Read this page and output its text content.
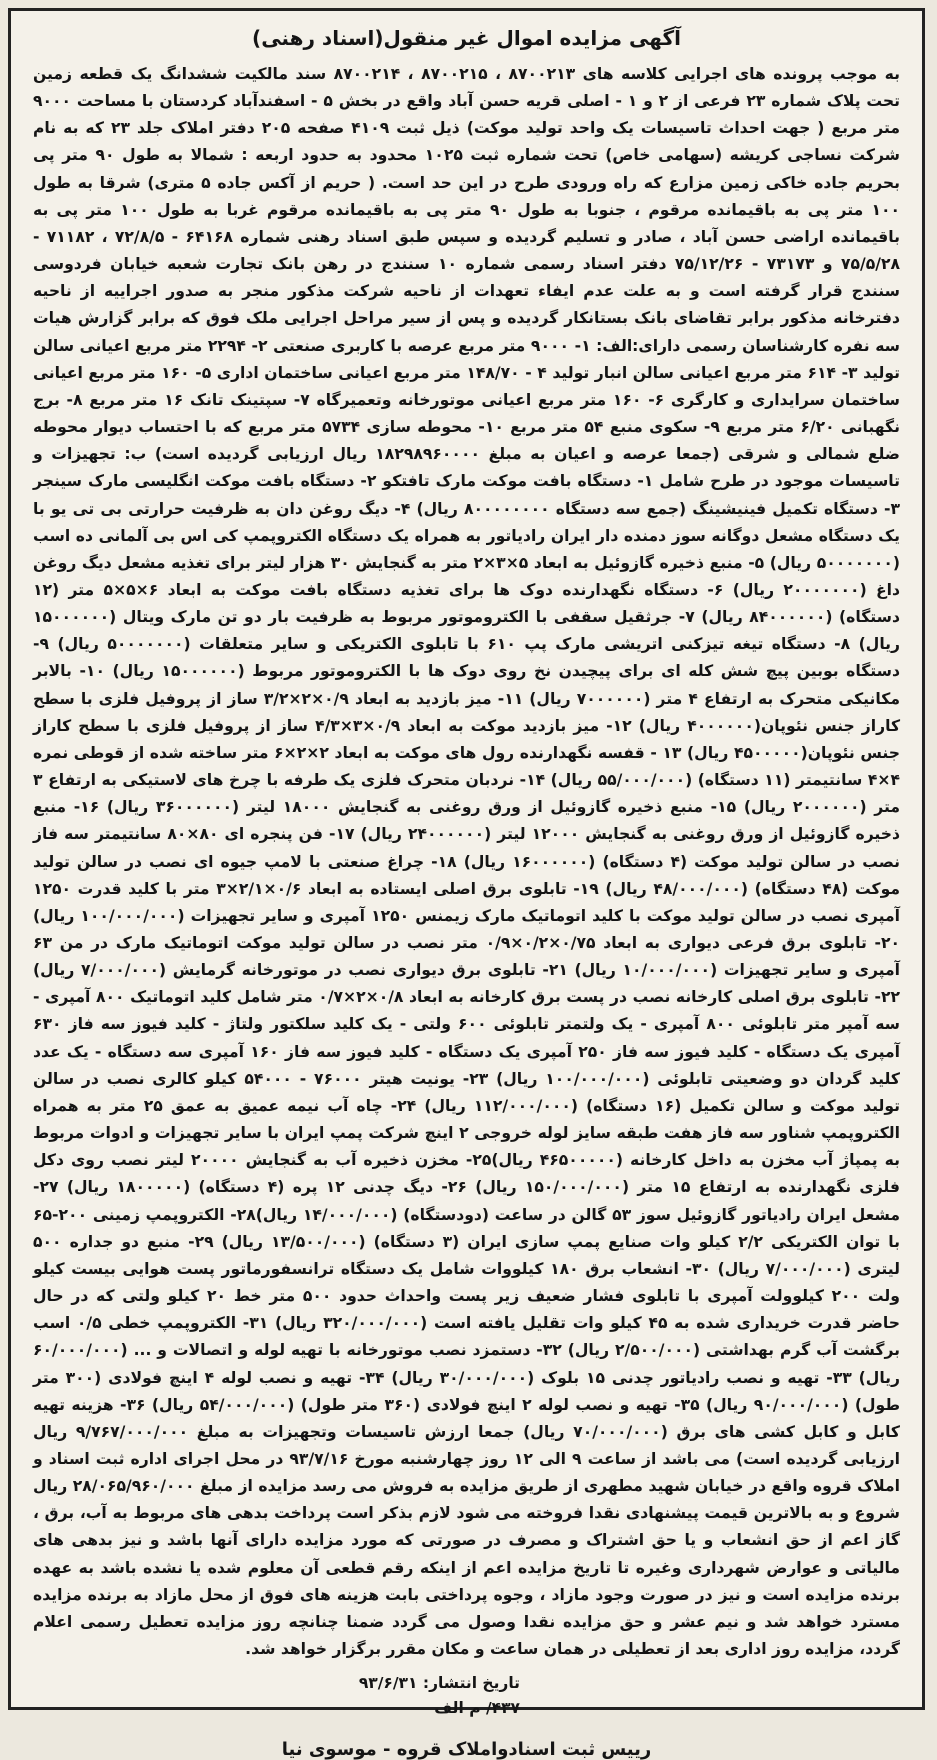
آگهی مزایده اموال غیر منقول(اسناد رهنی)

به موجب پرونده های اجرایی کلاسه های ۸۷۰۰۲۱۳ ، ۸۷۰۰۲۱۵ ، ۸۷۰۰۲۱۴ سند مالکیت ششدانگ یک قطعه زمین تحت پلاک شماره ۲۳ فرعی از ۲ و ۱ - اصلی قریه حسن آباد واقع در بخش ۵ - اسفندآباد کردستان با مساحت ۹۰۰۰ متر مربع ( جهت احداث تاسیسات یک واحد تولید موکت) ذیل ثبت ۴۱۰۹ صفحه ۲۰۵ دفتر املاک جلد ۲۳ که به نام شرکت نساجی کریشه (سهامی خاص) تحت شماره ثبت ۱۰۲۵ محدود به حدود اربعه : شمالا به طول ۹۰ متر پی بحریم جاده خاکی زمین مزارع که راه ورودی طرح در این حد است. ( حریم از آکس جاده ۵ متری) شرقا به طول ۱۰۰ متر پی به باقیمانده مرقوم ، جنوبا به طول ۹۰ متر پی به باقیمانده مرقوم غربا به طول ۱۰۰ متر پی به باقیمانده اراضی حسن آباد ، صادر و تسلیم گردیده و سپس طبق اسناد رهنی شماره ۶۴۱۶۸ - ۷۲/۸/۵ ، ۷۱۱۸۲ - ۷۵/۵/۲۸ و ۷۳۱۷۳ - ۷۵/۱۲/۲۶ دفتر اسناد رسمی شماره ۱۰ سنندج در رهن بانک تجارت شعبه خیابان فردوسی سنندج قرار گرفته است و به علت عدم ایفاء تعهدات از ناحیه شرکت مذکور منجر به صدور اجراییه از ناحیه دفترخانه مذکور برابر تقاضای بانک بستانکار گردیده و پس از سیر مراحل اجرایی ملک فوق که برابر گزارش هیات سه نفره کارشناسان رسمی دارای:الف: ۱- ۹۰۰۰ متر مربع عرصه با کاربری صنعتی ۲- ۲۲۹۴ متر مربع اعیانی سالن تولید ۳- ۶۱۴ متر مربع اعیانی سالن انبار تولید ۴ - ۱۴۸/۷۰ متر مربع اعیانی ساختمان اداری ۵- ۱۶۰ متر مربع اعیانی ساختمان سرایداری و کارگری ۶- ۱۶۰ متر مربع اعیانی موتورخانه وتعمیرگاه ۷- سپتینک تانک ۱۶ متر مربع ۸- برج نگهبانی ۶/۲۰ متر مربع ۹- سکوی منبع ۵۴ متر مربع ۱۰- محوطه سازی ۵۷۳۴ متر مربع که با احتساب دیوار محوطه ضلع شمالی و شرقی (جمعا عرصه و اعیان به مبلغ ۱۸۲۹۸۹۶۰۰۰۰ ریال ارزیابی گردیده است) ب: تجهیزات و تاسیسات موجود در طرح شامل ۱- دستگاه بافت موکت مارک تافتکو ۲- دستگاه بافت موکت انگلیسی مارک سینجر ۳- دستگاه تکمیل فینیشینگ (جمع سه دستگاه ۸۰۰۰۰۰۰۰۰ ریال) ۴- دیگ روغن دان به ظرفیت حرارتی بی تی یو با یک دستگاه مشعل دوگانه سوز دمنده دار ایران رادیاتور به همراه یک دستگاه الکتروپمپ کی اس بی آلمانی ده اسب (۵۰۰۰۰۰۰۰ ریال) ۵- منبع ذخیره گازوئیل به ابعاد ۵×۳×۲ متر به گنجایش ۳۰ هزار لیتر برای تغذیه مشعل دیگ روغن داغ (۲۰۰۰۰۰۰۰ ریال) ۶- دستگاه نگهدارنده دوک ها برای تغذیه دستگاه بافت موکت به ابعاد ۶×۵×۵ متر (۱۲ دستگاه) (۸۴۰۰۰۰۰۰ ریال) ۷- جرثقیل سقفی با الکتروموتور مربوط به ظرفیت بار دو تن مارک ویتال (۱۵۰۰۰۰۰۰ ریال) ۸- دستگاه تیغه تیزکنی اتریشی مارک پپ ۶۱۰ با تابلوی الکتریکی و سایر متعلقات (۵۰۰۰۰۰۰۰ ریال) ۹- دستگاه بوبین پیچ شش کله ای برای پیچیدن نخ روی دوک ها با الکتروموتور مربوط (۱۵۰۰۰۰۰۰ ریال) ۱۰- بالابر مکانیکی متحرک به ارتفاع ۴ متر (۷۰۰۰۰۰۰ ریال) ۱۱- میز بازدید به ابعاد ۰/۹×۲×۳/۲ ساز از پروفیل فلزی با سطح کاراز جنس نئوپان(۴۰۰۰۰۰۰ ریال) ۱۲- میز بازدید موکت به ابعاد ۰/۹×۳×۴/۳ ساز از پروفیل فلزی با سطح کاراز جنس نئوپان(۴۵۰۰۰۰۰ ریال) ۱۳ - قفسه نگهدارنده رول های موکت به ابعاد ۲×۲×۶ متر ساخته شده از قوطی نمره ۴×۴ سانتیمتر (۱۱ دستگاه) (۵۵/۰۰۰/۰۰۰ ریال) ۱۴- نردبان متحرک فلزی یک طرفه با چرخ های لاستیکی به ارتفاع ۳ متر (۲۰۰۰۰۰۰ ریال) ۱۵- منبع ذخیره گازوئیل از ورق روغنی به گنجایش ۱۸۰۰۰ لیتر (۳۶۰۰۰۰۰۰ ریال) ۱۶- منبع ذخیره گازوئیل از ورق روغنی به گنجایش ۱۲۰۰۰ لیتر (۲۴۰۰۰۰۰۰ ریال) ۱۷- فن پنجره ای ۸۰×۸۰ سانتیمتر سه فاز نصب در سالن تولید موکت (۴ دستگاه) (۱۶۰۰۰۰۰۰ ریال) ۱۸- چراغ صنعتی با لامپ جیوه ای نصب در سالن تولید موکت (۴۸ دستگاه) (۴۸/۰۰۰/۰۰۰ ریال) ۱۹- تابلوی برق اصلی ایستاده به ابعاد ۰/۶×۲/۱×۳ متر با کلید قدرت ۱۲۵۰ آمپری نصب در سالن تولید موکت با کلید اتوماتیک مارک زیمنس ۱۲۵۰ آمپری و سایر تجهیزات (۱۰۰/۰۰۰/۰۰۰ ریال) ۲۰- تابلوی برق فرعی دیواری به ابعاد ۰/۷۵×۰/۲×۰/۹ متر نصب در سالن تولید موکت اتوماتیک مارک در من ۶۳ آمپری و سایر تجهیزات (۱۰/۰۰۰/۰۰۰ ریال) ۲۱- تابلوی برق دیواری نصب در موتورخانه گرمایش (۷/۰۰۰/۰۰۰ ریال) ۲۲- تابلوی برق اصلی کارخانه نصب در پست برق کارخانه به ابعاد ۰/۸×۲×۰/۷ متر شامل کلید اتوماتیک ۸۰۰ آمپری - سه آمپر متر تابلوئی ۸۰۰ آمپری - یک ولتمتر تابلوئی ۶۰۰ ولتی - یک کلید سلکتور ولتاژ - کلید فیوز سه فاز ۶۳۰ آمپری یک دستگاه - کلید فیوز سه فاز ۲۵۰ آمپری یک دستگاه - کلید فیوز سه فاز ۱۶۰ آمپری سه دستگاه - یک عدد کلید گردان دو وضعیتی تابلوئی (۱۰۰/۰۰۰/۰۰۰ ریال) ۲۳- یونیت هیتر ۷۶۰۰۰ - ۵۴۰۰۰ کیلو کالری نصب در سالن تولید موکت و سالن تکمیل (۱۶ دستگاه) (۱۱۲/۰۰۰/۰۰۰ ریال) ۲۴- چاه آب نیمه عمیق به عمق ۲۵ متر به همراه الکتروپمپ شناور سه فاز هفت طبقه سایز لوله خروجی ۲ اینچ شرکت پمپ ایران با سایر تجهیزات و ادوات مربوط به پمپاژ آب مخزن به داخل کارخانه (۴۶۵۰۰۰۰۰ ریال)۲۵- مخزن ذخیره آب به گنجایش ۲۰۰۰۰ لیتر نصب روی دکل فلزی نگهدارنده به ارتفاع ۱۵ متر (۱۵۰/۰۰۰/۰۰۰ ریال) ۲۶- دیگ چدنی ۱۲ پره (۴ دستگاه) (۱۸۰۰۰۰۰ ریال) ۲۷- مشعل ایران رادیاتور گازوئیل سوز ۵۳ گالن در ساعت (دودستگاه) (۱۴/۰۰۰/۰۰۰ ریال)۲۸- الکتروپمپ زمینی ۲۰۰-۶۵ با توان الکتریکی ۲/۲ کیلو وات صنایع پمپ سازی ایران (۳ دستگاه) (۱۳/۵۰۰/۰۰۰ ریال) ۲۹- منبع دو جداره ۵۰۰ لیتری (۷/۰۰۰/۰۰۰ ریال) ۳۰- انشعاب برق ۱۸۰ کیلووات شامل یک دستگاه ترانسفورماتور پست هوایی بیست کیلو ولت ۲۰۰ کیلوولت آمپری با تابلوی فشار ضعیف زیر پست واحداث حدود ۵۰۰ متر خط ۲۰ کیلو ولتی که در حال حاضر قدرت خریداری شده به ۴۵ کیلو وات تقلیل یافته است (۳۲۰/۰۰۰/۰۰۰ ریال) ۳۱- الکتروپمپ خطی ۰/۵ اسب برگشت آب گرم بهداشتی (۲/۵۰۰/۰۰۰ ریال) ۳۲- دستمزد نصب موتورخانه با تهیه لوله و اتصالات و ... (۶۰/۰۰۰/۰۰۰ ریال) ۳۳- تهیه و نصب رادیاتور چدنی ۱۵ بلوک (۳۰/۰۰۰/۰۰۰ ریال) ۳۴- تهیه و نصب لوله ۴ اینچ فولادی (۳۰۰ متر طول) (۹۰/۰۰۰/۰۰۰ ریال) ۳۵- تهیه و نصب لوله ۲ اینچ فولادی (۳۶۰ متر طول) (۵۴/۰۰۰/۰۰۰ ریال) ۳۶- هزینه تهیه کابل و کابل کشی های برق (۷۰/۰۰۰/۰۰۰ ریال) جمعا ارزش تاسیسات وتجهیزات به مبلغ ۹/۷۶۷/۰۰۰/۰۰۰ ریال ارزیابی گردیده است) می باشد از ساعت ۹ الی ۱۲ روز چهارشنبه مورخ ۹۳/۷/۱۶ در محل اجرای اداره ثبت اسناد و املاک قروه واقع در خیابان شهید مطهری از طریق مزایده به فروش می رسد مزایده از مبلغ ۲۸/۰۶۵/۹۶۰/۰۰۰ ریال شروع و به بالاترین قیمت پیشنهادی نقدا فروخته می شود لازم بذکر است پرداخت بدهی های مربوط به آب، برق ، گاز اعم از حق انشعاب و یا حق اشتراک و مصرف در صورتی که مورد مزایده دارای آنها باشد و نیز بدهی های مالیاتی و عوارض شهرداری وغیره تا تاریخ مزایده اعم از اینکه رقم قطعی آن معلوم شده یا نشده باشد به عهده برنده مزایده است و نیز در صورت وجود مازاد ، وجوه پرداختی بابت هزینه های فوق از محل مازاد به برنده مزایده مسترد خواهد شد و نیم عشر و حق مزایده نقدا وصول می گردد ضمنا چنانچه روز مزایده تعطیل رسمی اعلام گردد، مزایده روز اداری بعد از تعطیلی در همان ساعت و مکان مقرر برگزار خواهد شد.

تاریخ انتشار: ۹۳/۶/۳۱
۴۳۷/ م الف
رییس ثبت اسنادواملاک قروه - موسوی نیا
